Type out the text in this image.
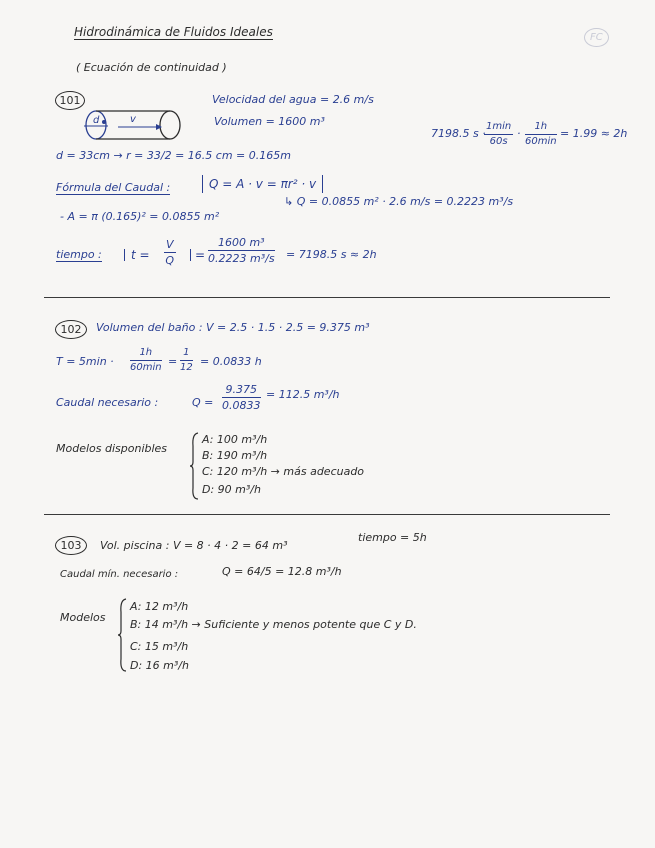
FC
Hidrodinámica de Fluidos Ideales
( Ecuación de continuidad )
101
d	v
Velocidad del agua = 2.6 m/s
Volumen = 1600 m³
7198.5 s ·
1min
60s
·
1h
60min
= 1.99 ≈ 2h
d = 33cm → r = 33/2 = 16.5 cm = 0.165m
Fórmula del Caudal :	Q = A · v = πr² · v
- A = π (0.165)² = 0.0855 m²
↳ Q = 0.0855 m² · 2.6 m/s = 0.2223 m³/s
tiempo :	$t = \frac{V}{Q}$	= $\frac{\text{1600 m³}}{\text{0.2223 m³/s}} = 7198.5$ s ≈ 2h
102	Volumen del baño : V = 2.5 · 1.5 · 2.5 = 9.375 m³
T = 5min ·
1h
$60\min = \frac{1}{12} = 0.0833$ h
Caudal necesario :	$Q = \frac{9.375}{0.0833} = 112.5$ m³/h
Modelos disponibles
A: 100 m³/h
B: 190 m³/h
C: 120 m³/h → más adecuado
D: 90 m³/h
103	Vol. piscina : V = 8 · 4 · 2 = 64 m³
tiempo = 5h
Caudal mín. necesario :	Q = 64/5 = 12.8 m³/h
Modelos
A: 12 m³/h
B: 14 m³/h → Suficiente y menos potente que C y D.
C: 15 m³/h
D: 16 m³/h
